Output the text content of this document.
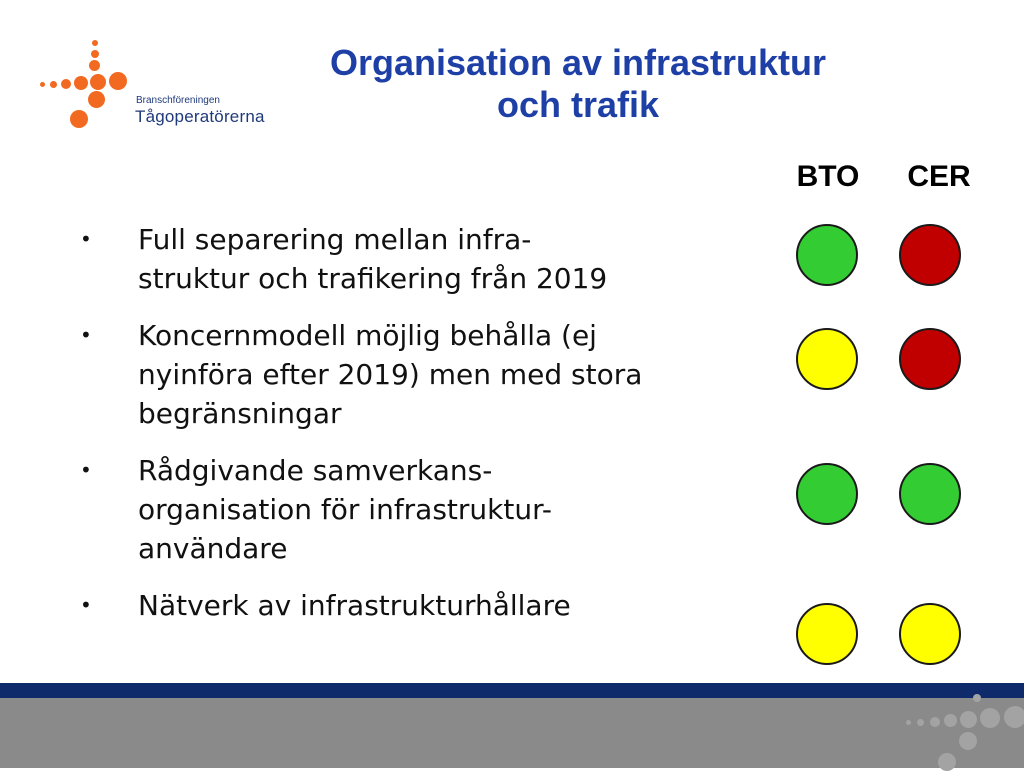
Branschföreningen
Tågoperatörerna
Organisation av infrastruktur
och trafik
BTO	CER
•	Full separering mellan infra-
struktur och trafikering från 2019
•	Koncernmodell möjlig behålla (ej nyinföra efter 2019) men med stora begränsningar
•	Rådgivande samverkans-
organisation för infrastruktur-
användare
•	Nätverk av infrastrukturhållare
